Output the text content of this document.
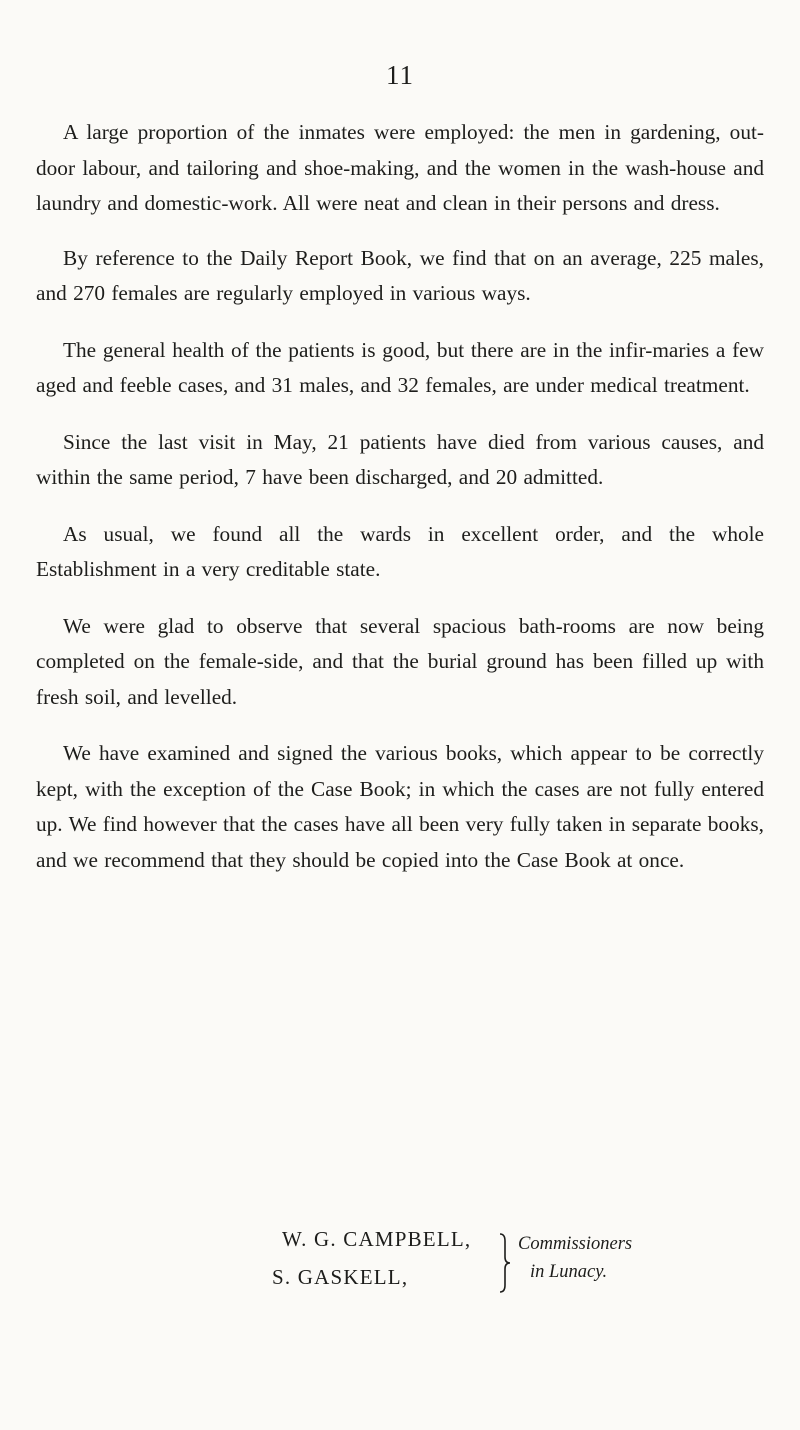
11

A large proportion of the inmates were employed: the men in gardening, out-door labour, and tailoring and shoe-making, and the women in the wash-house and laundry and domestic-work. All were neat and clean in their persons and dress.

By reference to the Daily Report Book, we find that on an average, 225 males, and 270 females are regularly employed in various ways.

The general health of the patients is good, but there are in the infir-maries a few aged and feeble cases, and 31 males, and 32 females, are under medical treatment.

Since the last visit in May, 21 patients have died from various causes, and within the same period, 7 have been discharged, and 20 admitted.

As usual, we found all the wards in excellent order, and the whole Establishment in a very creditable state.

We were glad to observe that several spacious bath-rooms are now being completed on the female-side, and that the burial ground has been filled up with fresh soil, and levelled.

We have examined and signed the various books, which appear to be correctly kept, with the exception of the Case Book; in which the cases are not fully entered up. We find however that the cases have all been very fully taken in separate books, and we recommend that they should be copied into the Case Book at once.

W. G. CAMPBELL,
S. GASKELL,
Commissioners
in Lunacy.
